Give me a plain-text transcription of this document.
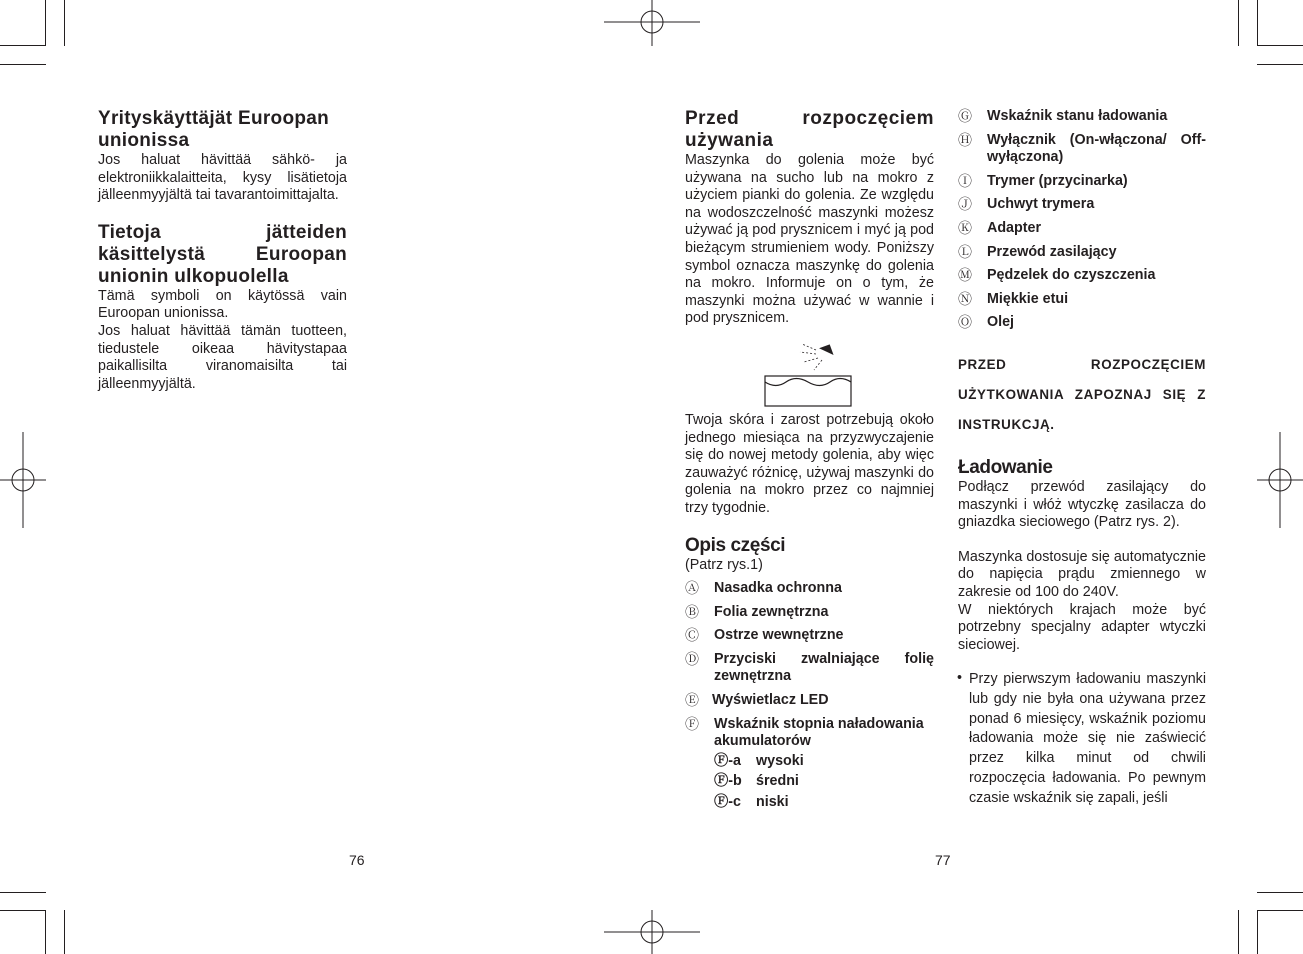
Yrityskäyttäjät Euroopan unionissa

Jos haluat hävittää sähkö- ja elektroniikkalaitteita, kysy lisätietoja jälleenmyyjältä tai tavarantoimittajalta.

Tietoja jätteiden käsittelystä Euroopan unionin ulkopuolella

Tämä symboli on käytössä vain Euroopan unionissa.

Jos haluat hävittää tämän tuotteen, tiedustele oikeaa hävitystapaa paikallisilta viranomaisilta tai jälleenmyyjältä.

Przed rozpoczęciem używania

Maszynka do golenia może być używana na sucho lub na mokro z użyciem pianki do golenia. Ze względu na wodoszczelność maszynki możesz używać ją pod prysznicem i myć ją pod bieżącym strumieniem wody. Poniższy symbol oznacza maszynkę do golenia na mokro. Informuje on o tym, że maszynki można używać w wannie i pod prysznicem.

Twoja skóra i zarost potrzebują około jednego miesiąca na przyzwyczajenie się do nowej metody golenia, aby więc zauważyć różnicę, używaj maszynki do golenia na mokro przez co najmniej trzy tygodnie.

Opis części

(Patrz rys.1)

Ⓐ Nasadka ochronna
Ⓑ Folia zewnętrzna
Ⓒ Ostrze wewnętrzne
Ⓓ Przyciski zwalniające folię zewnętrzna
Ⓔ Wyświetlacz LED
Ⓕ Wskaźnik stopnia naładowania akumulatorów
Ⓕ-a wysoki
Ⓕ-b średni
Ⓕ-c niski
Ⓖ Wskaźnik stanu ładowania
Ⓗ Wyłącznik (On-włączona/ Off-wyłączona)
Ⓘ Trymer (przycinarka)
Ⓙ Uchwyt trymera
Ⓚ Adapter
Ⓛ Przewód zasilający
Ⓜ Pędzelek do czyszczenia
Ⓝ Miękkie etui
Ⓞ Olej

PRZED ROZPOCZĘCIEM UŻYTKOWANIA ZAPOZNAJ SIĘ Z INSTRUKCJĄ.

Ładowanie

Podłącz przewód zasilający do maszynki i włóż wtyczkę zasilacza do gniazdka sieciowego (Patrz rys. 2).

Maszynka dostosuje się automatycznie do napięcia prądu zmiennego w zakresie od 100 do 240V.

W niektórych krajach może być potrzebny specjalny adapter wtyczki sieciowej.

• Przy pierwszym ładowaniu maszynki lub gdy nie była ona używana przez ponad 6 miesięcy, wskaźnik poziomu ładowania może się nie zaświecić przez kilka minut od chwili rozpoczęcia ładowania. Po pewnym czasie wskaźnik się zapali, jeśli

76	77
